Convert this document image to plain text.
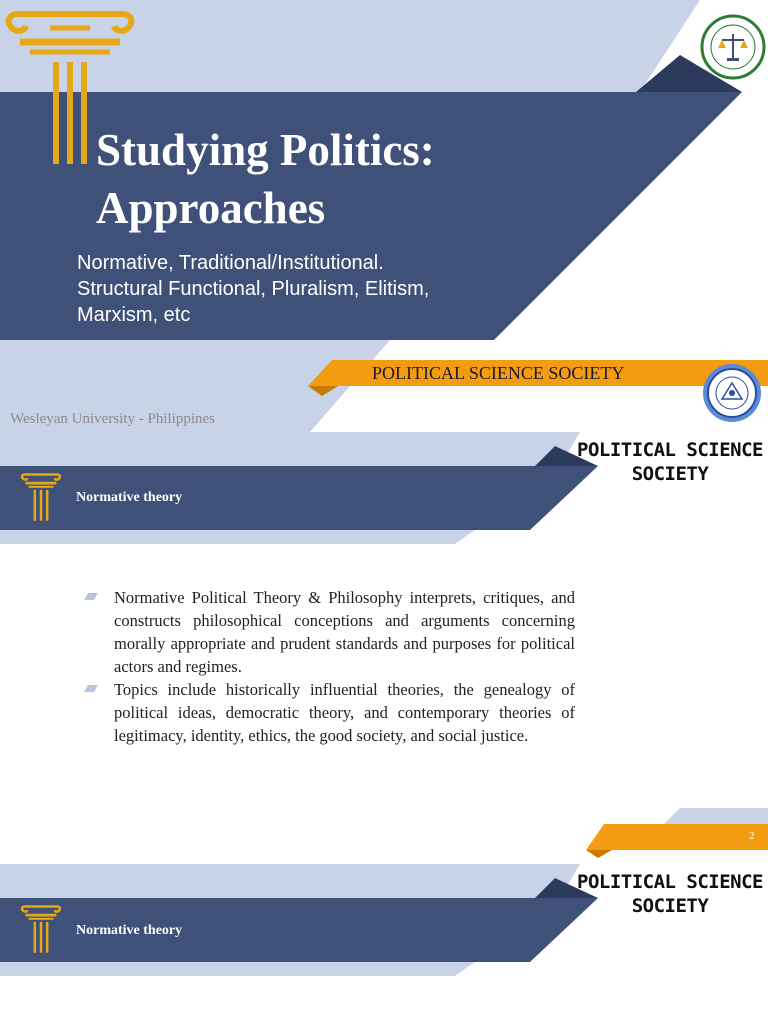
Studying Politics:
Approaches
Normative, Traditional/Institutional.
Structural Functional, Pluralism, Elitism,
Marxism, etc
POLITICAL SCIENCE SOCIETY
Wesleyan University - Philippines
Normative theory
POLITICAL SCIENCE
SOCIETY
Normative Political Theory & Philosophy interprets, critiques, and constructs philosophical conceptions and arguments concerning morally appropriate and prudent standards and purposes for political actors and regimes.
Topics include historically influential theories, the genealogy of political ideas, democratic theory, and contemporary theories of legitimacy, identity, ethics, the good society, and social justice.
2
Normative theory
POLITICAL SCIENCE
SOCIETY
